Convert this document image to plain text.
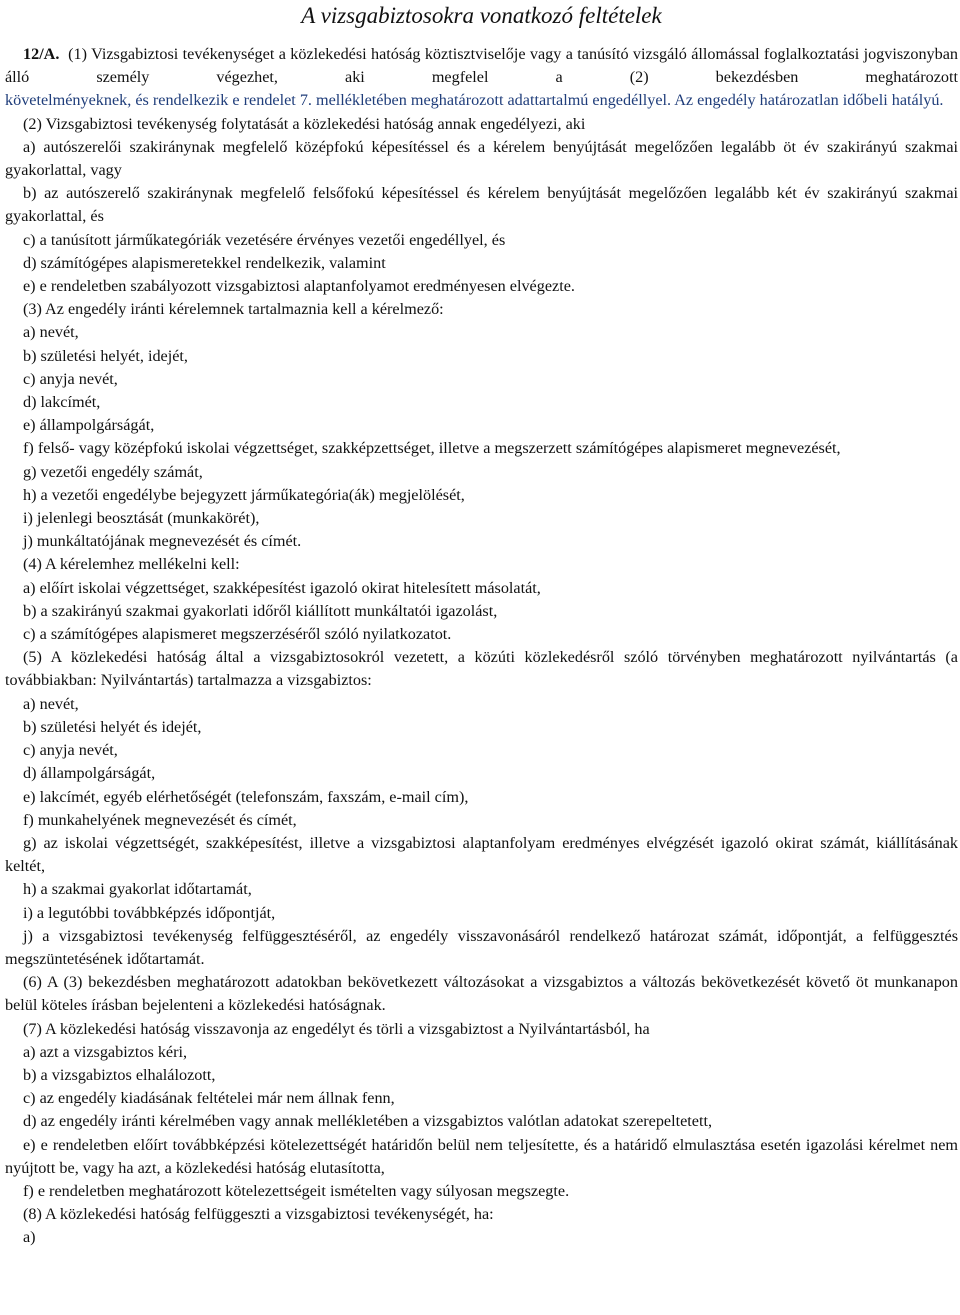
A vizsgabiztosokra vonatkozó feltételek

12/A. (1) Vizsgabiztosi tevékenységet a közlekedési hatóság köztisztviselője vagy a tanúsító vizsgáló állomással foglalkoztatási jogviszonyban álló személy végezhet, aki megfelel a (2) bekezdésben meghatározott

követelményeknek, és rendelkezik e rendelet 7. mellékletében meghatározott adattartalmú engedéllyel. Az engedély határozatlan időbeli hatályú.

(2) Vizsgabiztosi tevékenység folytatását a közlekedési hatóság annak engedélyezi, aki

a) autószerelői szakiránynak megfelelő középfokú képesítéssel és a kérelem benyújtását megelőzően legalább öt év szakirányú szakmai gyakorlattal, vagy

b) az autószerelő szakiránynak megfelelő felsőfokú képesítéssel és kérelem benyújtását megelőzően legalább két év szakirányú szakmai gyakorlattal, és

c) a tanúsított járműkategóriák vezetésére érvényes vezetői engedéllyel, és

d) számítógépes alapismeretekkel rendelkezik, valamint

e) e rendeletben szabályozott vizsgabiztosi alaptanfolyamot eredményesen elvégezte.

(3) Az engedély iránti kérelemnek tartalmaznia kell a kérelmező:

a) nevét,

b) születési helyét, idejét,

c) anyja nevét,

d) lakcímét,

e) állampolgárságát,

f) felső- vagy középfokú iskolai végzettséget, szakképzettséget, illetve a megszerzett számítógépes alapismeret megnevezését,

g) vezetői engedély számát,

h) a vezetői engedélybe bejegyzett járműkategória(ák) megjelölését,

i) jelenlegi beosztását (munkakörét),

j) munkáltatójának megnevezését és címét.

(4) A kérelemhez mellékelni kell:

a) előírt iskolai végzettséget, szakképesítést igazoló okirat hitelesített másolatát,

b) a szakirányú szakmai gyakorlati időről kiállított munkáltatói igazolást,

c) a számítógépes alapismeret megszerzéséről szóló nyilatkozatot.

(5) A közlekedési hatóság által a vizsgabiztosokról vezetett, a közúti közlekedésről szóló törvényben meghatározott nyilvántartás (a továbbiakban: Nyilvántartás) tartalmazza a vizsgabiztos:

a) nevét,

b) születési helyét és idejét,

c) anyja nevét,

d) állampolgárságát,

e) lakcímét, egyéb elérhetőségét (telefonszám, faxszám, e-mail cím),

f) munkahelyének megnevezését és címét,

g) az iskolai végzettségét, szakképesítést, illetve a vizsgabiztosi alaptanfolyam eredményes elvégzését igazoló okirat számát, kiállításának keltét,

h) a szakmai gyakorlat időtartamát,

i) a legutóbbi továbbképzés időpontját,

j) a vizsgabiztosi tevékenység felfüggesztéséről, az engedély visszavonásáról rendelkező határozat számát, időpontját, a felfüggesztés megszüntetésének időtartamát.

(6) A (3) bekezdésben meghatározott adatokban bekövetkezett változásokat a vizsgabiztos a változás bekövetkezését követő öt munkanapon belül köteles írásban bejelenteni a közlekedési hatóságnak.

(7) A közlekedési hatóság visszavonja az engedélyt és törli a vizsgabiztost a Nyilvántartásból, ha

a) azt a vizsgabiztos kéri,

b) a vizsgabiztos elhalálozott,

c) az engedély kiadásának feltételei már nem állnak fenn,

d) az engedély iránti kérelmében vagy annak mellékletében a vizsgabiztos valótlan adatokat szerepeltetett,

e) e rendeletben előírt továbbképzési kötelezettségét határidőn belül nem teljesítette, és a határidő elmulasztása esetén igazolási kérelmet nem nyújtott be, vagy ha azt, a közlekedési hatóság elutasította,

f) e rendeletben meghatározott kötelezettségeit ismételten vagy súlyosan megszegte.

(8) A közlekedési hatóság felfüggeszti a vizsgabiztosi tevékenységét, ha:

a)
